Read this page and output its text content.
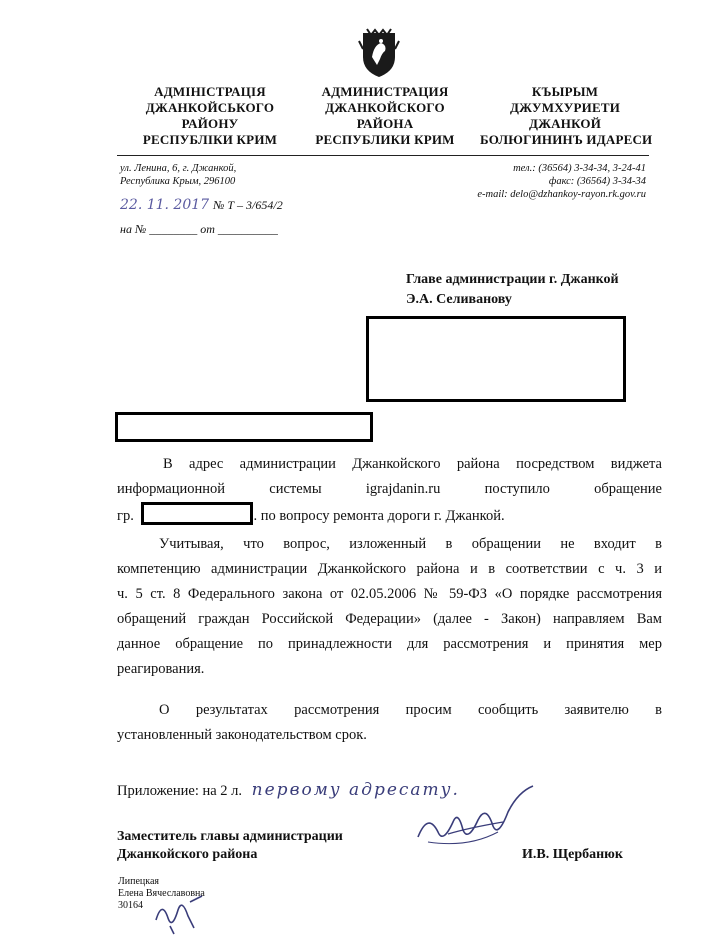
АДМІНІСТРАЦІЯ
ДЖАНКОЙСЬКОГО
РАЙОНУ
РЕСПУБЛІКИ КРИМ
АДМИНИСТРАЦИЯ
ДЖАНКОЙСКОГО
РАЙОНА
РЕСПУБЛИКИ КРИМ
КЪЫРЫМ
ДЖУМХУРИЕТИ
ДЖАНКОЙ
БОЛЮГИНИНЪ ИДАРЕСИ
ул. Ленина, 6, г. Джанкой,
Республика Крым, 296100
тел.: (36564) 3-34-34, 3-24-41
факс: (36564) 3-34-34
e-mail: delo@dzhankoy-rayon.rk.gov.ru
22. 11. 2017 № Т – 3/654/2
на № ________ от __________
Главе администрации г. Джанкой
Э.А. Селиванову
В адрес администрации Джанкойского района посредством виджета
информационной системы igrajdanin.ru поступило обращение
гр.	. по вопросу ремонта дороги г. Джанкой.
Учитывая, что вопрос, изложенный в обращении не входит в
компетенцию администрации Джанкойского района и в соответствии с ч. 3 и
ч. 5 ст. 8 Федерального закона от 02.05.2006 № 59-ФЗ «О порядке рассмотрения
обращений граждан Российской Федерации» (далее - Закон) направляем Вам
данное обращение по принадлежности для рассмотрения и принятия мер
реагирования.
О результатах рассмотрения просим сообщить заявителю в
установленный законодательством срок.
Приложение: на 2 л. первому адресату.
Заместитель главы администрации
Джанкойского района	И.В. Щербанюк
Липецкая
Елена Вячеславовна
30164
